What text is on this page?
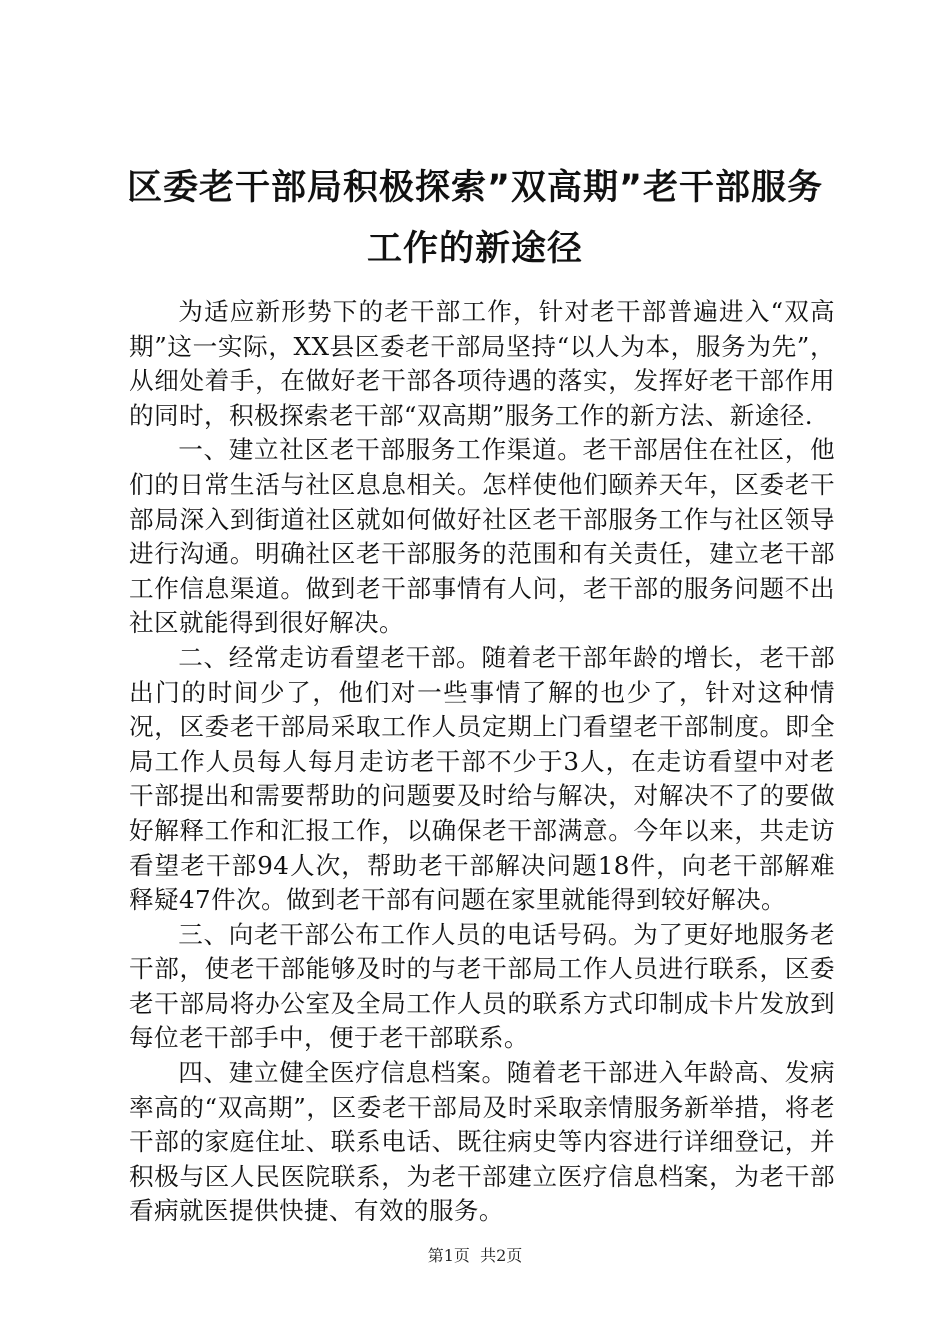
区委老干部局积极探索”双高期”老干部服务
工作的新途径

为适应新形势下的老干部工作，针对老干部普遍进入“双高期”这一实际，XX县区委老干部局坚持“以人为本，服务为先”，从细处着手，在做好老干部各项待遇的落实，发挥好老干部作用的同时，积极探索老干部“双高期”服务工作的新方法、新途径.

一、建立社区老干部服务工作渠道。老干部居住在社区，他们的日常生活与社区息息相关。怎样使他们颐养天年，区委老干部局深入到街道社区就如何做好社区老干部服务工作与社区领导进行沟通。明确社区老干部服务的范围和有关责任，建立老干部工作信息渠道。做到老干部事情有人问，老干部的服务问题不出社区就能得到很好解决。

二、经常走访看望老干部。随着老干部年龄的增长，老干部出门的时间少了，他们对一些事情了解的也少了，针对这种情况，区委老干部局采取工作人员定期上门看望老干部制度。即全局工作人员每人每月走访老干部不少于3人，在走访看望中对老干部提出和需要帮助的问题要及时给与解决，对解决不了的要做好解释工作和汇报工作，以确保老干部满意。今年以来，共走访看望老干部94人次，帮助老干部解决问题18件，向老干部解难释疑47件次。做到老干部有问题在家里就能得到较好解决。

三、向老干部公布工作人员的电话号码。为了更好地服务老干部，使老干部能够及时的与老干部局工作人员进行联系，区委老干部局将办公室及全局工作人员的联系方式印制成卡片发放到每位老干部手中，便于老干部联系。

四、建立健全医疗信息档案。随着老干部进入年龄高、发病率高的“双高期”，区委老干部局及时采取亲情服务新举措，将老干部的家庭住址、联系电话、既往病史等内容进行详细登记，并积极与区人民医院联系，为老干部建立医疗信息档案，为老干部看病就医提供快捷、有效的服务。

第1页  共2页
